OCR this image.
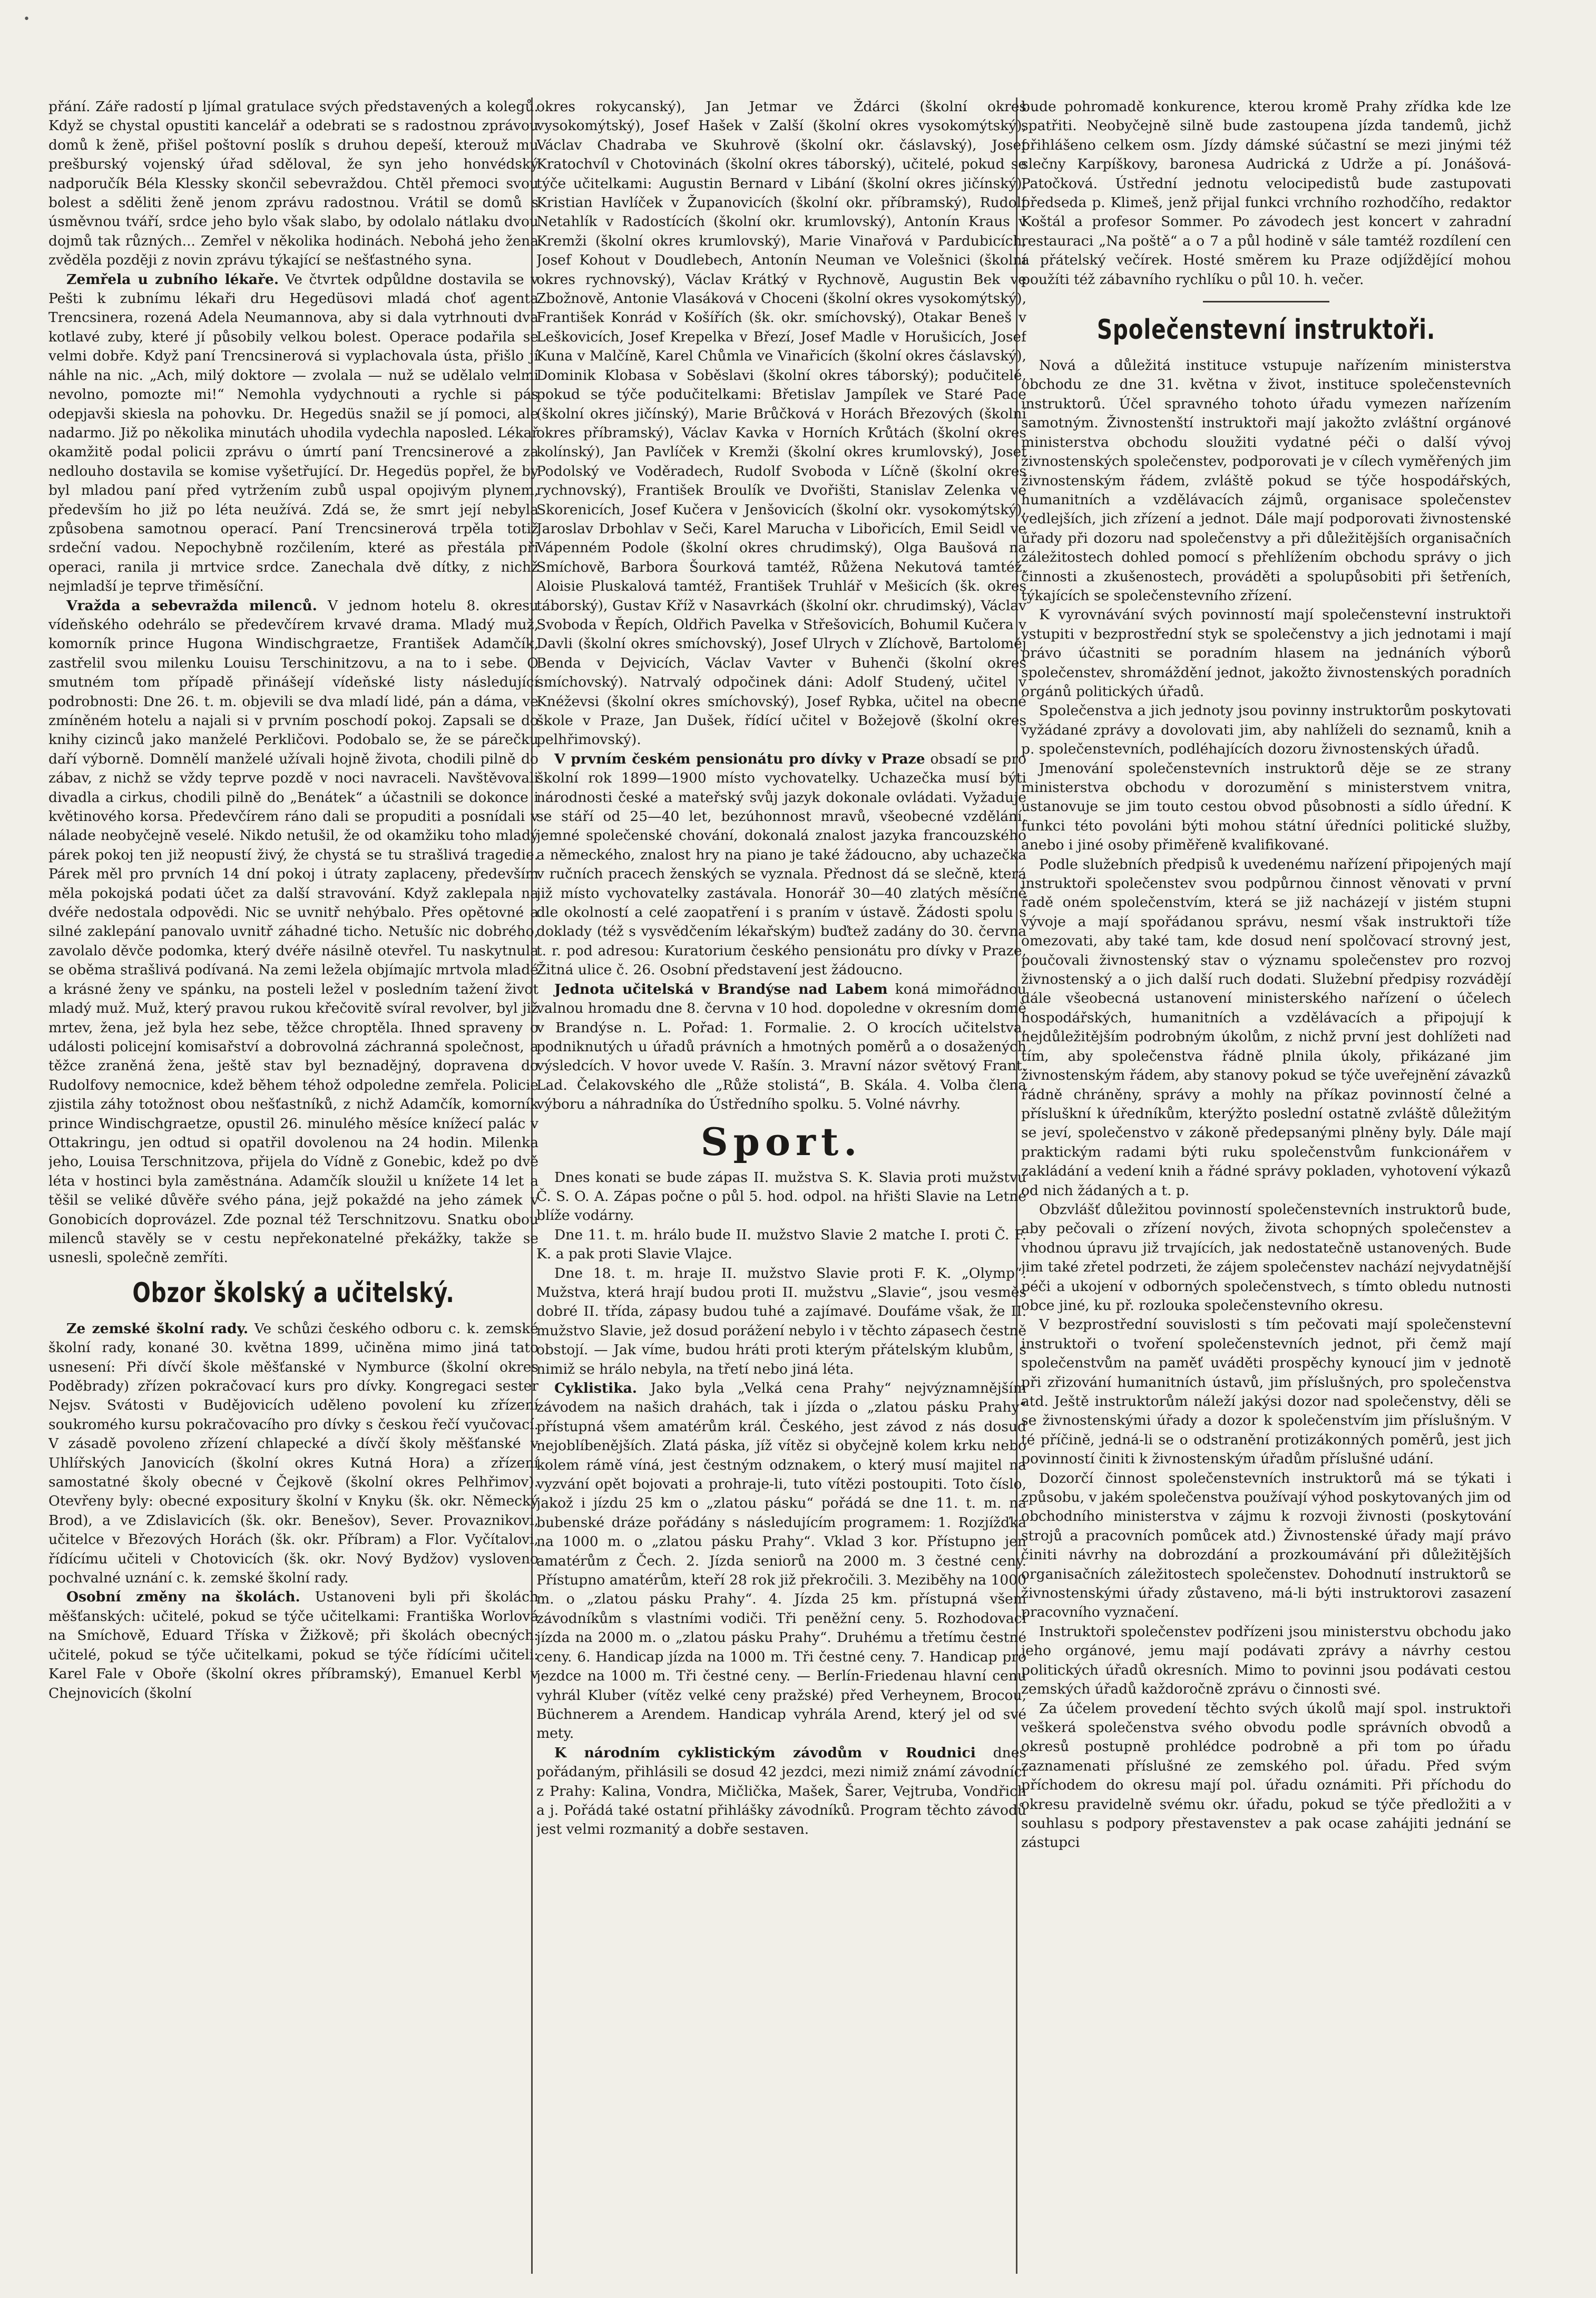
•

přání. Záře radostí p ljímal gratulace svých představených a kolegů. Když se chystal opustiti kancelář a odebrati se s radostnou zprávou domů k ženě, přišel poštovní poslík s druhou depeší, kterouž mu prešburský vojenský úřad sděloval, že syn jeho honvédský nadporučík Béla Klessky skončil sebevraždou. Chtěl přemoci svou bolest a sděliti ženě jenom zprávu radostnou. Vrátil se domů s úsměvnou tváří, srdce jeho bylo však slabo, by odolalo nátlaku dvou dojmů tak různých... Zemřel v několika hodinách. Nebohá jeho žena zvěděla později z novin zprávu týkající se nešťastného syna.

Zemřela u zubního lékaře. Ve čtvrtek odpůldne dostavila se v Pešti k zubnímu lékaři dru Hegedüsovi mladá choť agenta Trencsinera, rozená Adela Neumannova, aby si dala vytrhnouti dva kotlavé zuby, které jí působily velkou bolest. Operace podařila se velmi dobře. Když paní Trencsinerová si vyplachovala ústa, přišlo jí náhle na nic. „Ach, milý doktore — zvolala — nuž se udělalo velmi nevolno, pomozte mi!“ Nemohla vydychnouti a rychle si pás odepjavši skiesla na pohovku. Dr. Hegedüs snažil se jí pomoci, ale nadarmo. Již po několika minutách uhodila vydechla naposled. Lékař okamžitě podal policii zprávu o úmrtí paní Trencsinerové a za nedlouho dostavila se komise vyšetřující. Dr. Hegedüs popřel, že by byl mladou paní před vytržením zubů uspal opojivým plynem, především ho již po léta neužívá. Zdá se, že smrt její nebyla způsobena samotnou operací. Paní Trencsinerová trpěla totiž srdeční vadou. Nepochybně rozčilením, které as přestála při operaci, ranila ji mrtvice srdce. Zanechala dvě dítky, z nichž nejmladší je teprve třiměsíční.

Vražda a sebevražda milenců. V jednom hotelu 8. okresu vídeňského odehrálo se předevčírem krvavé drama. Mladý muž, komorník prince Hugona Windischgraetze, František Adamčík, zastřelil svou milenku Louisu Terschinitzovu, a na to i sebe. O smutném tom případě přinášejí vídeňské listy následující podrobnosti: Dne 26. t. m. objevili se dva mladí lidé, pán a dáma, ve zmíněném hotelu a najali si v prvním poschodí pokoj. Zapsali se do knihy cizinců jako manželé Perkličovi. Podobalo se, že se párečku daří výborně. Domnělí manželé užívali hojně života, chodili pilně do zábav, z nichž se vždy teprve pozdě v noci navraceli. Navštěvovali divadla a cirkus, chodili pilně do „Benátek“ a účastnili se dokonce i květinového korsa. Předevčírem ráno dali se propuditi a posnídali v nálade neobyčejně veselé. Nikdo netušil, že od okamžiku toho mladý párek pokoj ten již neopustí živý, že chystá se tu strašlivá tragedie. Párek měl pro prvních 14 dní pokoj i útraty zaplaceny, především měla pokojská podati účet za další stravování. Když zaklepala na dvéře nedostala odpovědi. Nic se uvnitř nehýbalo. Přes opětovné a silné zaklepání panovalo uvnitř záhadné ticho. Netušíc nic dobrého, zavolalo děvče podomka, který dvéře násilně otevřel. Tu naskytnula se oběma strašlivá podívaná. Na zemi ležela objímajíc mrtvola mladé a krásné ženy ve spánku, na posteli ležel v posledním tažení život mladý muž. Muž, který pravou rukou křečovitě svíral revolver, byl již mrtev, žena, jež byla hez sebe, těžce chroptěla. Ihned spraveny o události policejní komisařství a dobrovolná záchranná společnost, a těžce zraněná žena, ještě stav byl beznadějný, dopravena do Rudolfovy nemocnice, kdež během téhož odpoledne zemřela. Policie zjistila záhy totožnost obou nešťastníků, z nichž Adamčík, komorník prince Windischgraetze, opustil 26. minulého měsíce knížecí palác v Ottakringu, jen odtud si opatřil dovolenou na 24 hodin. Milenka jeho, Louisa Terschnitzova, přijela do Vídně z Gonebic, kdež po dvě léta v hostinci byla zaměstnána. Adamčík sloužil u knížete 14 let a těšil se veliké důvěře svého pána, jejž pokaždé na jeho zámek v Gonobicích doprovázel. Zde poznal též Terschnitzovu. Snatku obou milenců stavěly se v cestu nepřekonatelné překážky, takže se usnesli, společně zemříti.

Obzor školský a učitelský.

Ze zemské školní rady. Ve schůzi českého odboru c. k. zemské školní rady, konané 30. května 1899, učiněna mimo jiná tato usnesení: Při dívčí škole měšťanské v Nymburce (školní okres Poděbrady) zřízen pokračovací kurs pro dívky. Kongregaci sester Nejsv. Svátosti v Budějovicích uděleno povolení ku zřízení soukromého kursu pokračovacího pro dívky s českou řečí vyučovací. V zásadě povoleno zřízení chlapecké a dívčí školy měšťanské v Uhlířských Janovicích (školní okres Kutná Hora) a zřízení samostatné školy obecné v Čejkově (školní okres Pelhřimov). Otevřeny byly: obecné expositury školní v Knyku (šk. okr. Německý Brod), a ve Zdislavicích (šk. okr. Benešov), Sever. Provaznikovi, učitelce v Březových Horách (šk. okr. Příbram) a Flor. Vyčítalovi, řídícímu učiteli v Chotovicích (šk. okr. Nový Bydžov) vysloveno pochvalné uznání c. k. zemské školní rady.

Osobní změny na školách. Ustanoveni byli při školách měšťanských: učitelé, pokud se týče učitelkami: Františka Worlová na Smíchově, Eduard Tříska v Žižkově; při školách obecných: učitelé, pokud se týče učitelkami, pokud se týče řídícími učiteli: Karel Fale v Oboře (školní okres příbramský), Emanuel Kerbl v Chejnovicích (školní

okres rokycanský), Jan Jetmar ve Ždárci (školní okres vysokomýtský), Josef Hašek v Zalší (školní okres vysokomýtský), Václav Chadraba ve Skuhrově (školní okr. čáslavský), Josef Kratochvíl v Chotovinách (školní okres táborský), učitelé, pokud se týče učitelkami: Augustin Bernard v Libání (školní okres jičínský), Kristian Havlíček v Županovicích (školní okr. příbramský), Rudolf Netahlík v Radostících (školní okr. krumlovský), Antonín Kraus v Kremži (školní okres krumlovský), Marie Vinařová v Pardubicích, Josef Kohout v Doudlebech, Antonín Neuman ve Volešnici (školní okres rychnovský), Václav Krátký v Rychnově, Augustin Bek ve Zbožnově, Antonie Vlasáková v Choceni (školní okres vysokomýtský), František Konrád v Košířích (šk. okr. smíchovský), Otakar Beneš v Leškovicích, Josef Krepelka v Březí, Josef Madle v Horušicích, Josef Kuna v Malčíně, Karel Chůmla ve Vinařicích (školní okres čáslavský), Dominik Klobasa v Soběslavi (školní okres táborský); podučitelé, pokud se týče podučitelkami: Břetislav Jampílek ve Staré Pace (školní okres jičínský), Marie Brůčková v Horách Březových (školní okres příbramský), Václav Kavka v Horních Krůtách (školní okres kolínský), Jan Pavlíček v Kremži (školní okres krumlovský), Josef Podolský ve Voděradech, Rudolf Svoboda v Líčně (školní okres rychnovský), František Broulík ve Dvořišti, Stanislav Zelenka ve Skorenicích, Josef Kučera v Jenšovicích (školní okr. vysokomýtský), Jaroslav Drbohlav v Seči, Karel Marucha v Libořicích, Emil Seidl ve Vápenném Podole (školní okres chrudimský), Olga Baušová na Smíchově, Barbora Šourková tamtéž, Růžena Nekutová tamtéž, Aloisie Pluskalová tamtéž, František Truhlář v Mešicích (šk. okres táborský), Gustav Kříž v Nasavrkách (školní okr. chrudimský), Václav Svoboda v Řepích, Oldřich Pavelka v Střešovicích, Bohumil Kučera v Davli (školní okres smíchovský), Josef Ulrych v Zlíchově, Bartoloměj Benda v Dejvicích, Václav Vavter v Buhenči (školní okres smíchovský). Natrvalý odpočinek dáni: Adolf Studený, učitel v Knéževsi (školní okres smíchovský), Josef Rybka, učitel na obecné škole v Praze, Jan Dušek, řídící učitel v Božejově (školní okres pelhřimovský).

V prvním českém pensionátu pro dívky v Praze obsadí se pro školní rok 1899—1900 místo vychovatelky. Uchazečka musí býti národnosti české a mateřský svůj jazyk dokonale ovládati. Vyžaduje se stáří od 25—40 let, bezúhonnost mravů, všeobecné vzdělání, jemné společenské chování, dokonalá znalost jazyka francouzského a německého, znalost hry na piano je také žádoucno, aby uchazečka v ručních pracech ženských se vyznala. Přednost dá se slečně, která již místo vychovatelky zastávala. Honorář 30—40 zlatých měsíčně dle okolností a celé zaopatření i s praním v ústavě. Žádosti spolu s doklady (též s vysvědčením lékařským) buďtež zadány do 30. června t. r. pod adresou: Kuratorium českého pensionátu pro dívky v Praze, Žitná ulice č. 26. Osobní představení jest žádoucno.

Jednota učitelská v Brandýse nad Labem koná mimořádnou valnou hromadu dne 8. června v 10 hod. dopoledne v okresním domě v Brandýse n. L. Pořad: 1. Formalie. 2. O krocích učitelstva, podniknutých u úřadů právních a hmotných poměrů a o dosažených výsledcích. V hovor uvede V. Rašín. 3. Mravní názor světový Frant. Lad. Čelakovského dle „Růže stolistá“, B. Skála. 4. Volba člena výboru a náhradníka do Ústředního spolku. 5. Volné návrhy.

Sport.

Dnes konati se bude zápas II. mužstva S. K. Slavia proti mužstvu Č. S. O. A. Zápas počne o půl 5. hod. odpol. na hřišti Slavie na Letné blíže vodárny.

Dne 11. t. m. hrálo bude II. mužstvo Slavie 2 matche I. proti Č. F. K. a pak proti Slavie Vlajce.

Dne 18. t. m. hraje II. mužstvo Slavie proti F. K. „Olymp“. Mužstva, která hrají budou proti II. mužstvu „Slavie“, jsou vesměs dobré II. třída, zápasy budou tuhé a zajímavé. Doufáme však, že II. mužstvo Slavie, jež dosud porážení nebylo i v těchto zápasech čestně obstojí. — Jak víme, budou hráti proti kterým přátelským klubům, s nimiž se hrálo nebyla, na třetí nebo jiná léta.

Cyklistika. Jako byla „Velká cena Prahy“ nejvýznamnějším závodem na našich drahách, tak i jízda o „zlatou pásku Prahy“ přístupná všem amatérům král. Českého, jest závod z nás dosud nejoblíbenějších. Zlatá páska, jíž vítěz si obyčejně kolem krku nebo kolem rámě víná, jest čestným odznakem, o který musí majitel na vyzvání opět bojovati a prohraje-li, tuto vítězi postoupiti. Toto číslo, jakož i jízdu 25 km o „zlatou pásku“ pořádá se dne 11. t. m. na bubenské dráze pořádány s následujícím programem: 1. Rozjížďka na 1000 m. o „zlatou pásku Prahy“. Vklad 3 kor. Přístupno jen amatérům z Čech. 2. Jízda seniorů na 2000 m. 3 čestné ceny. Přístupno amatérům, kteří 28 rok již překročili. 3. Meziběhy na 1000 m. o „zlatou pásku Prahy“. 4. Jízda 25 km. přístupná všem závodníkům s vlastními vodiči. Tři peněžní ceny. 5. Rozhodovací jízda na 2000 m. o „zlatou pásku Prahy“. Druhému a třetímu čestné ceny. 6. Handicap jízda na 1000 m. Tři čestné ceny. 7. Handicap pro jezdce na 1000 m. Tři čestné ceny. — Berlín-Friedenau hlavní cenu vyhrál Kluber (vítěz velké ceny pražské) před Verheynem, Brocou, Büchnerem a Arendem. Handicap vyhrála Arend, který jel od své mety.

K národním cyklistickým závodům v Roudnici dnes pořádaným, přihlásili se dosud 42 jezdci, mezi nimiž známí závodníci z Prahy: Kalina, Vondra, Mičlička, Mašek, Šarer, Vejtruba, Vondřich a j. Pořádá také ostatní přihlášky závodníků. Program těchto závodů jest velmi rozmanitý a dobře sestaven.

bude pohromadě konkurence, kterou kromě Prahy zřídka kde lze spatřiti. Neobyčejně silně bude zastoupena jízda tandemů, jichž přihlášeno celkem osm. Jízdy dámské súčastní se mezi jinými též slečny Karpíškovy, baronesa Audrická z Udrže a pí. Jonášová-Patočková. Ústřední jednotu velocipedistů bude zastupovati předseda p. Klimeš, jenž přijal funkci vrchního rozhodčího, redaktor Koštál a profesor Sommer. Po závodech jest koncert v zahradní restauraci „Na poště“ a o 7 a půl hodině v sále tamtéž rozdílení cen a přátelský večírek. Hosté směrem ku Praze odjíždějící mohou použíti též zábavního rychlíku o půl 10. h. večer.

Společenstevní instruktoři.

Nová a důležitá instituce vstupuje nařízením ministerstva obchodu ze dne 31. května v život, instituce společenstevních instruktorů. Účel spravného tohoto úřadu vymezen nařízením samotným. Živnostenští instruktoři mají jakožto zvláštní orgánové ministerstva obchodu sloužiti vydatné péči o další vývoj živnostenských společenstev, podporovati je v cílech vyměřených jim živnostenským řádem, zvláště pokud se týče hospodářských, humanitních a vzdělávacích zájmů, organisace společenstev vedlejších, jich zřízení a jednot. Dále mají podporovati živnostenské úřady při dozoru nad společenstvy a při důležitějších organisačních záležitostech dohled pomocí s přehlížením obchodu správy o jich činnosti a zkušenostech, prováděti a spolupůsobiti při šetřeních, týkajících se společenstevního zřízení.

K vyrovnávání svých povinností mají společenstevní instruktoři vstupiti v bezprostřední styk se společenstvy a jich jednotami i mají právo účastniti se poradním hlasem na jednáních výborů společenstev, shromáždění jednot, jakožto živnostenských poradních orgánů politických úřadů.

Společenstva a jich jednoty jsou povinny instruktorům poskytovati vyžádané zprávy a dovolovati jim, aby nahlíželi do seznamů, knih a p. společenstevních, podléhajících dozoru živnostenských úřadů.

Jmenování společenstevních instruktorů děje se ze strany ministerstva obchodu v dorozumění s ministerstvem vnitra, ustanovuje se jim touto cestou obvod působnosti a sídlo úřední. K funkci této povoláni býti mohou státní úředníci politické služby, anebo i jiné osoby přiměřeně kvalifikované.

Podle služebních předpisů k uvedenému nařízení připojených mají instruktoři společenstev svou podpůrnou činnost věnovati v první řadě oném společenstvím, která se již nacházejí v jistém stupni vývoje a mají spořádanou správu, nesmí však instruktoři tíže omezovati, aby také tam, kde dosud není spolčovací strovný jest, poučovali živnostenský stav o významu společenstev pro rozvoj živnostenský a o jich další ruch dodati. Služební předpisy rozvádějí dále všeobecná ustanovení ministerského nařízení o účelech hospodářských, humanitních a vzdělávacích a připojují k nejdůležitějším podrobným úkolům, z nichž první jest dohlížeti nad tím, aby společenstva řádně plnila úkoly, přikázané jim živnostenským řádem, aby stanovy pokud se týče uveřejnění závazků řádně chráněny, správy a mohly na příkaz povinností čelné a přísluškní k úředníkům, kterýžto poslední ostatně zvláště důležitým se jeví, společenstvo v zákoně předepsanými plněny byly. Dále mají praktickým radami býti ruku společenstvům funkcionářem v zakládání a vedení knih a řádné správy pokladen, vyhotovení výkazů od nich žádaných a t. p.

Obzvlášť důležitou povinností společenstevních instruktorů bude, aby pečovali o zřízení nových, života schopných společenstev a vhodnou úpravu již trvajících, jak nedostatečně ustanovených. Bude jim také zřetel podrzeti, že zájem společenstev nachází nejvydatnější péči a ukojení v odborných společenstvech, s tímto obledu nutnosti obce jiné, ku př. rozlouka společenstevního okresu.

V bezprostřední souvislosti s tím pečovati mají společenstevní instruktoři o tvoření společenstevních jednot, při čemž mají společenstvům na paměť uváděti prospěchy kynoucí jim v jednotě při zřizování humanitních ústavů, jim příslušných, pro společenstva atd. Ještě instruktorům náleží jakýsi dozor nad společenstvy, děli se se živnostenskými úřady a dozor k společenstvím jim příslušným. V té příčině, jedná-li se o odstranění protizákonných poměrů, jest jich povinností činiti k živnostenským úřadům příslušné udání.

Dozorčí činnost společenstevních instruktorů má se týkati i způsobu, v jakém společenstva používají výhod poskytovaných jim od obchodního ministerstva v zájmu k rozvoji živnosti (poskytování strojů a pracovních pomůcek atd.) Živnostenské úřady mají právo činiti návrhy na dobrozdání a prozkoumávání při důležitějších organisačních záležitostech společenstev. Dohodnutí instruktorů se živnostenskými úřady zůstaveno, má-li býti instruktorovi zasazení pracovního vyznačení.

Instruktoři společenstev podřízeni jsou ministerstvu obchodu jako jeho orgánové, jemu mají podávati zprávy a návrhy cestou politických úřadů okresních. Mimo to povinni jsou podávati cestou zemských úřadů každoročně zprávu o činnosti své.

Za účelem provedení těchto svých úkolů mají spol. instruktoři veškerá společenstva svého obvodu podle správních obvodů a okresů postupně prohlédce podrobně a při tom po úřadu zaznamenati příslušné ze zemského pol. úřadu. Před svým příchodem do okresu mají pol. úřadu oznámiti. Při příchodu do okresu pravidelně svému okr. úřadu, pokud se týče předložiti a v souhlasu s podpory přestavenstev a pak ocase zahájiti jednání se zástupci
